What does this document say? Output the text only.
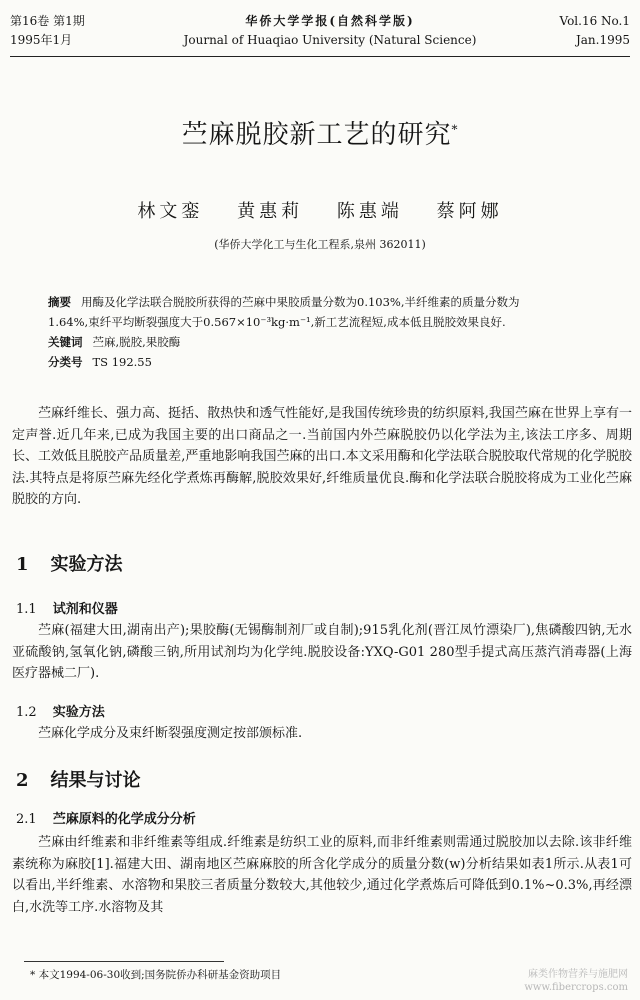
第16卷 第1期
1995年1月
华侨大学学报(自然科学版)
Journal of Huaqiao University (Natural Science)
Vol.16 No.1
Jan.1995
苎麻脱胶新工艺的研究*
林文銮 黄惠莉 陈惠端 蔡阿娜
(华侨大学化工与生化工程系,泉州 362011)

摘要 用酶及化学法联合脱胶所获得的苎麻中果胶质量分数为0.103%,半纤维素的质量分数为

1.64%,束纤平均断裂强度大于0.567×10⁻³kg·m⁻¹,新工艺流程短,成本低且脱胶效果良好.

关键词 苎麻,脱胶,果胶酶

分类号 TS 192.55

苎麻纤维长、强力高、挺括、散热快和透气性能好,是我国传统珍贵的纺织原料,我国苎麻在世界上享有一定声誉.近几年来,已成为我国主要的出口商品之一.当前国内外苎麻脱胶仍以化学法为主,该法工序多、周期长、工效低且脱胶产品质量差,严重地影响我国苎麻的出口.本文采用酶和化学法联合脱胶取代常规的化学脱胶法.其特点是将原苎麻先经化学煮炼再酶解,脱胶效果好,纤维质量优良.酶和化学法联合脱胶将成为工业化苎麻脱胶的方向.

1 实验方法
1.1 试剂和仪器

苎麻(福建大田,湖南出产);果胶酶(无锡酶制剂厂或自制);915乳化剂(晋江凤竹漂染厂),焦磷酸四钠,无水亚硫酸钠,氢氧化钠,磷酸三钠,所用试剂均为化学纯.脱胶设备:YXQ-G01 280型手提式高压蒸汽消毒器(上海医疗器械二厂).

1.2 实验方法

苎麻化学成分及束纤断裂强度测定按部颁标准.

2 结果与讨论
2.1 苎麻原料的化学成分分析

苎麻由纤维素和非纤维素等组成.纤维素是纺织工业的原料,而非纤维素则需通过脱胶加以去除.该非纤维素统称为麻胶[1].福建大田、湖南地区苎麻麻胶的所含化学成分的质量分数(w)分析结果如表1所示.从表1可以看出,半纤维素、水溶物和果胶三者质量分数较大,其他较少,通过化学煮炼后可降低到0.1%~0.3%,再经漂白,水洗等工序.水溶物及其

* 本文1994-06-30收到;国务院侨办科研基金资助项目	麻类作物营养与施肥网
www.fibercrops.com
